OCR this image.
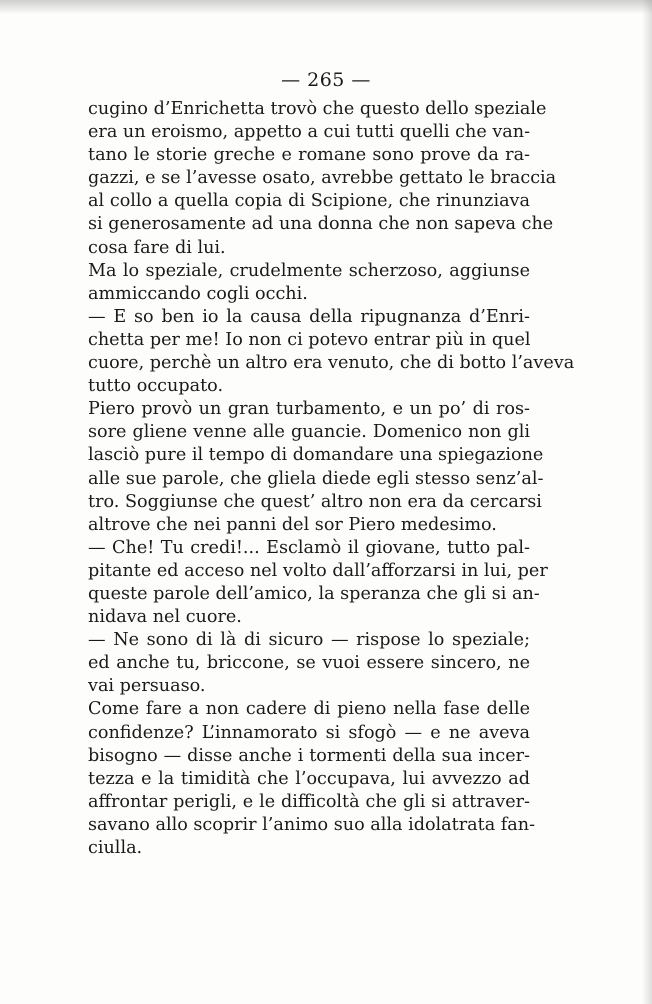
— 265 —
cugino d’Enrichetta trovò che questo dello speziale
era un eroismo, appetto a cui tutti quelli che van-
tano le storie greche e romane sono prove da ra-
gazzi, e se l’avesse osato, avrebbe gettato le braccia
al collo a quella copia di Scipione, che rinunziava
si generosamente ad una donna che non sapeva che
cosa fare di lui.
Ma lo speziale, crudelmente scherzoso, aggiunse
ammiccando cogli occhi.
— E so ben io la causa della ripugnanza d’Enri-
chetta per me! Io non ci potevo entrar più in quel
cuore, perchè un altro era venuto, che di botto l’aveva
tutto occupato.
Piero provò un gran turbamento, e un po’ di ros-
sore gliene venne alle guancie. Domenico non gli
lasciò pure il tempo di domandare una spiegazione
alle sue parole, che gliela diede egli stesso senz’al-
tro. Soggiunse che quest’ altro non era da cercarsi
altrove che nei panni del sor Piero medesimo.
— Che! Tu credi!... Esclamò il giovane, tutto pal-
pitante ed acceso nel volto dall’afforzarsi in lui, per
queste parole dell’amico, la speranza che gli si an-
nidava nel cuore.
— Ne sono di là di sicuro — rispose lo speziale;
ed anche tu, briccone, se vuoi essere sincero, ne
vai persuaso.
Come fare a non cadere di pieno nella fase delle
confidenze? L’innamorato si sfogò — e ne aveva
bisogno — disse anche i tormenti della sua incer-
tezza e la timidità che l’occupava, lui avvezzo ad
affrontar perigli, e le difficoltà che gli si attraver-
savano allo scoprir l’animo suo alla idolatrata fan-
ciulla.
